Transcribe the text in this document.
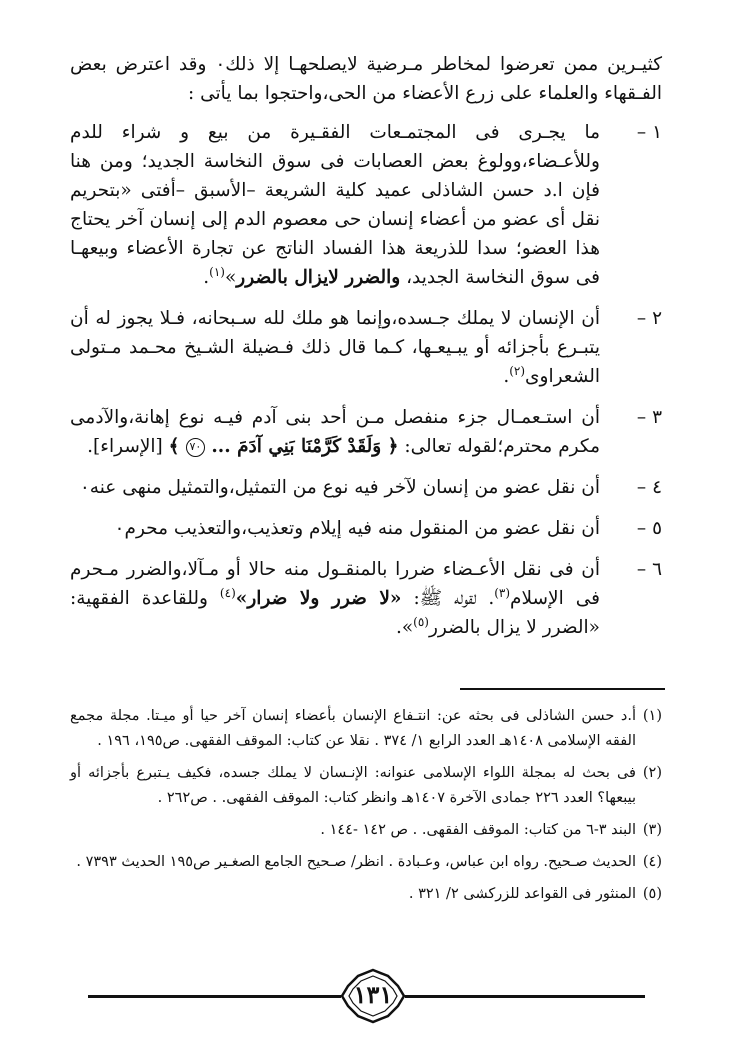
كثيـرين ممن تعرضوا لمخاطر مـرضية لايصلحهـا إلا ذلك٠ وقد اعترض بعض الفـقهاء والعلماء على زرع الأعضاء من الحى،واحتجوا بما يأتى :

١ –
ما يجـرى فى المجتمـعات الفقـيرة من بيع و شراء للدم وللأعـضاء،وولوغ بعض العصابات فى سوق النخاسة الجديد؛ ومن هنا فإن ا.د حسن الشاذلى عميد كلية الشريعة –الأسبق –أفتى «بتحريم نقل أى عضو من أعضاء إنسان حى معصوم الدم إلى إنسان آخر يحتاج هذا العضو؛ سدا للذريعة هذا الفساد الناتج عن تجارة الأعضاء وبيعهـا فى سوق النخاسة الجديد، والضرر لايزال بالضرر»$^{(١)}$.
٢ –
أن الإنسان لا يملك جـسده،وإنما هو ملك لله سـبحانه، فـلا يجوز له أن يتبـرع بأجزائه أو يبـيعـها، كـما قال ذلك فـضيلة الشـيخ محـمد مـتولى الشعراوى$^{(٢)}$.
٣ –
أن استـعمـال جزء منفصل مـن أحد بنى آدم فيـه نوع إهانة،والآدمى مكرم محترم؛لقوله تعالى: ﴿ وَلَقَدْ كَرَّمْنَا بَنِي آدَمَ ... ٧٠ ﴾ [الإسراء].
٤ –
أن نقل عضو من إنسان لآخر فيه نوع من التمثيل،والتمثيل منهى عنه٠
٥ –
أن نقل عضو من المنقول منه فيه إيلام وتعذيب،والتعذيب محرم٠
٦ –
أن فى نقل الأعـضاء ضررا بالمنقـول منه حالا أو مـآلا،والضرر مـحرم فى الإسلام$^{(٣)}$. لقوله ﷺ: «لا ضرر ولا ضرار»$^{(٤)}$ وللقاعدة الفقهية: «الضرر لا يزال بالضرر$^{(٥)}$».
(١)
أ.د حسن الشاذلى فى بحثه عن: انتـفاع الإنسان بأعضاء إنسان آخر حيا أو ميـتا. مجلة مجمع الفقه الإسلامى ١٤٠٨هـ العدد الرابع ١/ ٣٧٤ . نقلا عن كتاب: الموقف الفقهى. ص١٩٥، ١٩٦ .
(٢)
فى بحث له بمجلة اللواء الإسلامى عنوانه: الإنـسان لا يملك جسده، فكيف يـتبرع بأجزائه أو بيبعها؟ العدد ٢٢٦ جمادى الآخرة ١٤٠٧هـ وانظر كتاب: الموقف الفقهى. . ص٢٦٢ .
(٣)
البند ٣-٦ من كتاب: الموقف الفقهى. . ص ١٤٢ -١٤٤ .
(٤)
الحديث صـحيح. رواه ابن عباس، وعـبادة . انظر/ صـحيح الجامع الصغـير ص١٩٥ الحديث ٧٣٩٣ .
(٥)
المنثور فى القواعد للزركشى ٢/ ٣٢١ .
١٣١
